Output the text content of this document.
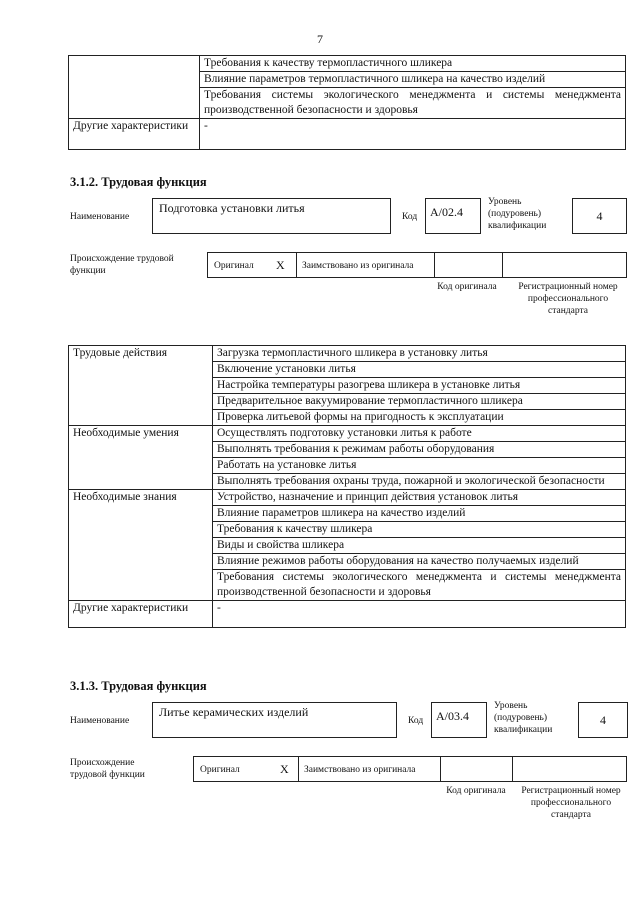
7
	Требования к качеству термопластичного шликера
	Влияние параметров термопластичного шликера на качество изделий
	Требования системы экологического менеджмента и системы менеджмента производственной безопасности и здоровья
Другие характеристики	-
3.1.2. Трудовая функция
Наименование
Подготовка установки литья
Код	А/02.4
Уровень (подуровень) квалификации
4
Происхождение трудовой функции	Оригинал X Заимствовано из оригинала
Код оригинала	Регистрационный номер профессионального стандарта
Трудовые действия	Загрузка термопластичного шликера в установку литья
	Включение установки литья
	Настройка температуры разогрева шликера в установке литья
	Предварительное вакуумирование термопластичного шликера
	Проверка литьевой формы на пригодность к эксплуатации
Необходимые умения	Осуществлять подготовку установки литья к работе
	Выполнять требования к режимам работы оборудования
	Работать на установке литья
	Выполнять требования охраны труда, пожарной и экологической безопасности
Необходимые знания	Устройство, назначение и принцип действия установок литья
	Влияние параметров шликера на качество изделий
	Требования к качеству шликера
	Виды и свойства шликера
	Влияние режимов работы оборудования на качество получаемых изделий
	Требования системы экологического менеджмента и системы менеджмента производственной безопасности и здоровья
Другие характеристики	-
3.1.3. Трудовая функция
Наименование
Литье керамических изделий
Код	А/03.4
Уровень (подуровень) квалификации
4
Происхождение трудовой функции	Оригинал	X Заимствовано из оригинала
Код оригинала	Регистрационный номер профессионального стандарта
